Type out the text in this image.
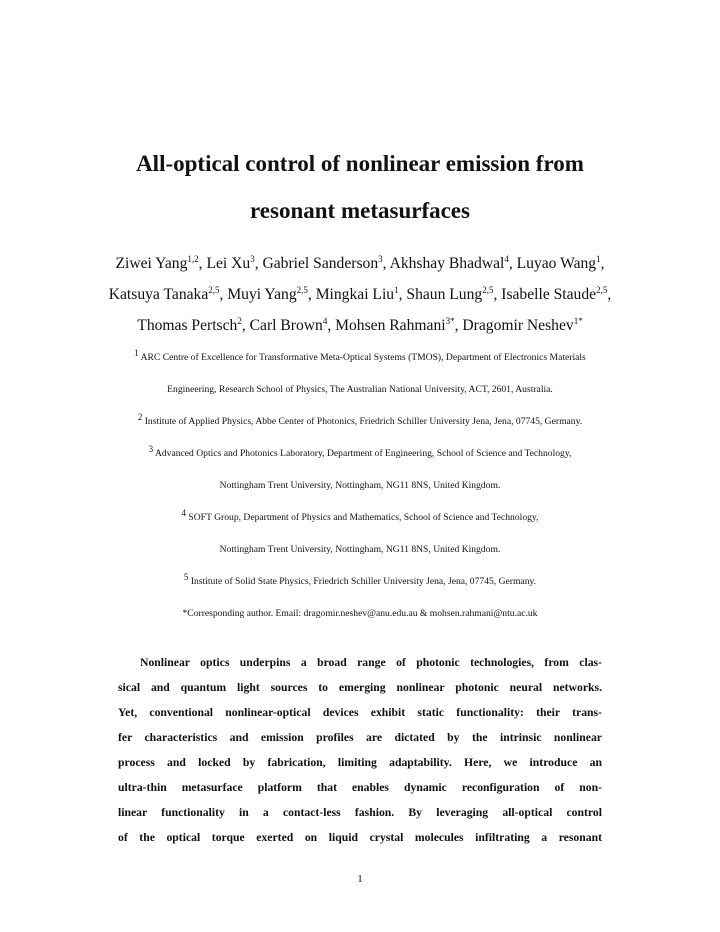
All-optical control of nonlinear emission from
resonant metasurfaces
Ziwei Yang$^{1,2}$, Lei Xu$^3$, Gabriel Sanderson$^3$, Akhshay Bhadwal$^4$, Luyao Wang$^1$,
Katsuya Tanaka$^{2,5}$, Muyi Yang$^{2,5}$, Mingkai Liu$^1$, Shaun Lung$^{2,5}$, Isabelle Staude$^{2,5}$,
Thomas Pertsch$^2$, Carl Brown$^4$, Mohsen Rahmani$^{3*}$, Dragomir Neshev$^{1*}$
$^1$ ARC Centre of Excellence for Transformative Meta-Optical Systems (TMOS), Department of Electronics Materials
Engineering, Research School of Physics, The Australian National University, ACT, 2601, Australia.
$^2$ Institute of Applied Physics, Abbe Center of Photonics, Friedrich Schiller University Jena, Jena, 07745, Germany.
$^3$ Advanced Optics and Photonics Laboratory, Department of Engineering, School of Science and Technology,
Nottingham Trent University, Nottingham, NG11 8NS, United Kingdom.
$^4$ SOFT Group, Department of Physics and Mathematics, School of Science and Technology,
Nottingham Trent University, Nottingham, NG11 8NS, United Kingdom.
$^5$ Institute of Solid State Physics, Friedrich Schiller University Jena, Jena, 07745, Germany.
*Corresponding author. Email: dragomir.neshev@anu.edu.au & mohsen.rahmani@ntu.ac.uk
Nonlinear optics underpins a broad range of photonic technologies, from clas-
sical and quantum light sources to emerging nonlinear photonic neural networks.
Yet, conventional nonlinear-optical devices exhibit static functionality: their trans-
fer characteristics and emission profiles are dictated by the intrinsic nonlinear
process and locked by fabrication, limiting adaptability. Here, we introduce an
ultra-thin metasurface platform that enables dynamic reconfiguration of non-
linear functionality in a contact-less fashion. By leveraging all-optical control
of the optical torque exerted on liquid crystal molecules infiltrating a resonant
1
